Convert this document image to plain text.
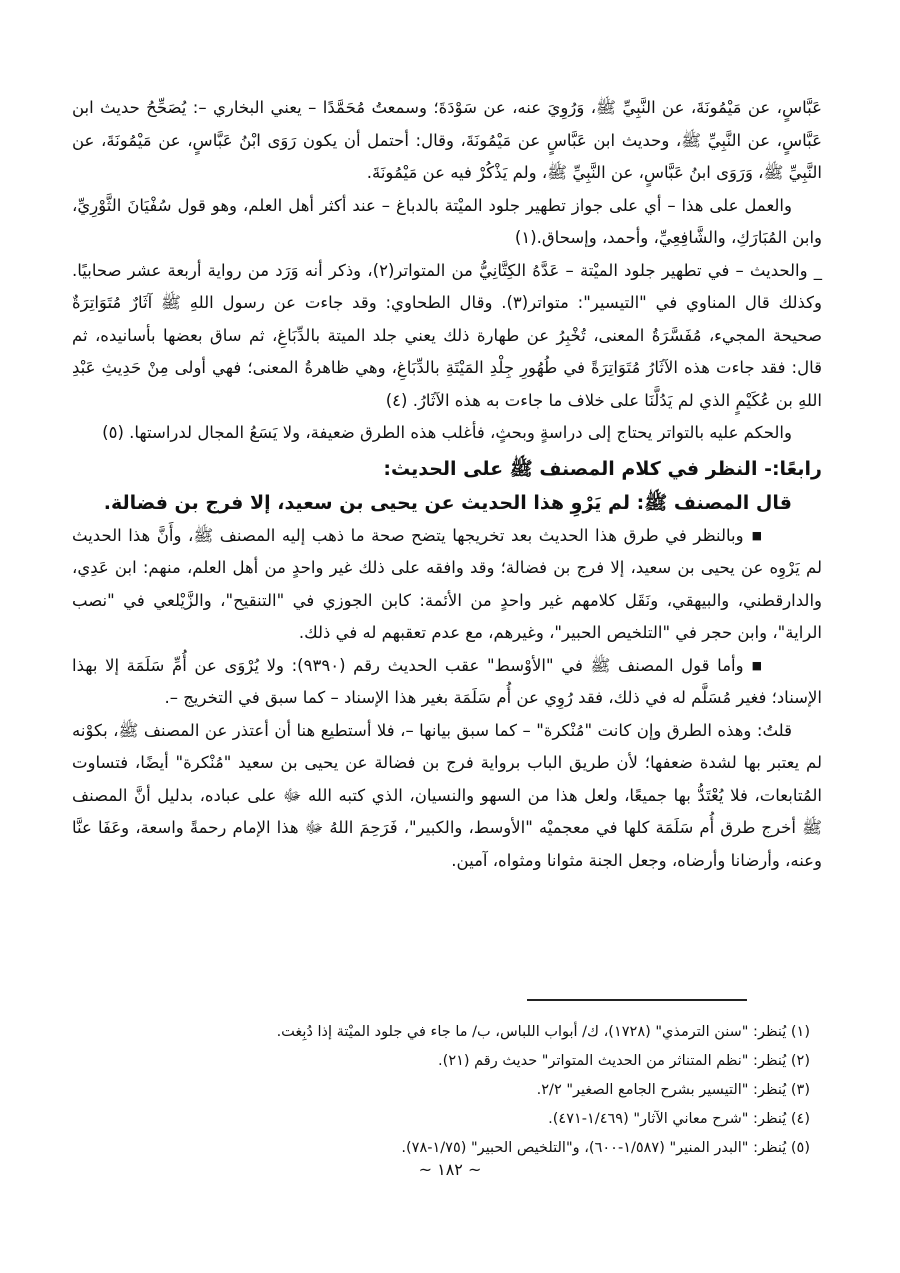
عَبَّاسٍ، عن مَيْمُونَةَ، عن النَّبِيِّ ﷺ، وَرُوِيَ عنه، عن سَوْدَةَ؛ وسمعتُ مُحَمَّدًا – يعني البخاري –: يُصَحِّحُ حديث ابن عَبَّاسٍ، عن النَّبِيِّ ﷺ، وحديث ابن عَبَّاسٍ عن مَيْمُونَةَ، وقال: أحتمل أن يكون رَوَى ابْنُ عَبَّاسٍ، عن مَيْمُونَةَ، عن النَّبِيِّ ﷺ، وَرَوَى ابنُ عَبَّاسٍ، عن النَّبِيِّ ﷺ، ولم يَذْكُرْ فيه عن مَيْمُونَةَ.

والعمل على هذا – أي على جواز تطهير جلود الميْتة بالدباغ – عند أكثر أهل العلم، وهو قول سُفْيَانَ الثَّوْرِيِّ، وابن المُبَارَكِ، والشَّافِعِيِّ، وأحمد، وإسحاق.(١)

_ والحديث – في تطهير جلود الميْتة – عَدَّهُ الكِتَّانِيُّ من المتواتر(٢)، وذكر أنه وَرَد من رواية أربعة عشر صحابيًا. وكذلك قال المناوي في "التيسير": متواتر(٣). وقال الطحاوي: وقد جاءت عن رسول اللهِ ﷺ آثَارٌ مُتَوَاتِرَةٌ صحيحة المجيء، مُفَسَّرَةُ المعنى، تُخْبِرُ عن طهارة ذلك يعني جلد الميتة بالدِّبَاغِ، ثم ساق بعضها بأسانيده، ثم قال: فقد جاءت هذه الآثَارُ مُتَوَاتِرَةً في طُهُورِ جِلْدِ المَيْتَةِ بالدِّبَاغِ، وهي ظاهرةُ المعنى؛ فهي أولى مِنْ حَدِيثِ عَبْدِ اللهِ بن عُكَيْمٍ الذي لم يَدُلَّنَا على خلاف ما جاءت به هذه الآثَارُ. (٤)

والحكم عليه بالتواتر يحتاج إلى دراسةٍ وبحثٍ، فأغلب هذه الطرق ضعيفة، ولا يَسَعُ المجال لدراستها. (٥)

رابعًا:- النظر في كلام المصنف ﷺ على الحديث:
قال المصنف ﷺ: لم يَرْوِ هذا الحديث عن يحيى بن سعيد، إلا فرج بن فضالة.

■وبالنظر في طرق هذا الحديث بعد تخريجها يتضح صحة ما ذهب إليه المصنف ﷺ، وأَنَّ هذا الحديث لم يَرْوِه عن يحيى بن سعيد، إلا فرج بن فضالة؛ وقد وافقه على ذلك غير واحدٍ من أهل العلم، منهم: ابن عَدِي، والدارقطني، والبيهقي، ونَقَل كلامهم غير واحدٍ من الأئمة: كابن الجوزي في "التنقيح"، والزَّيْلعي في "نصب الراية"، وابن حجر في "التلخيص الحبير"، وغيرهم، مع عدم تعقبهم له في ذلك.

■وأما قول المصنف ﷺ في "الأوْسط" عقب الحديث رقم (٩٣٩٠): ولا يُرْوَى عن أُمِّ سَلَمَة إلا بهذا الإسناد؛ فغير مُسَلَّم له في ذلك، فقد رُوِي عن أُم سَلَمَة بغير هذا الإسناد – كما سبق في التخريج –.

قلتُ: وهذه الطرق وإن كانت "مُنْكرة" – كما سبق بيانها –، فلا أستطيع هنا أن أعتذر عن المصنف ﷺ، بكوْنه لم يعتبر بها لشدة ضعفها؛ لأن طريق الباب برواية فرج بن فضالة عن يحيى بن سعيد "مُنْكرة" أيضًا، فتساوت المُتابعات، فلا يُعْتَدُّ بها جميعًا، ولعل هذا من السهو والنسيان، الذي كتبه الله ﷻ على عباده، بدليل أنَّ المصنف ﷺ أخرج طرق أُم سَلَمَة كلها في معجميْه "الأوسط، والكبير"، فَرَحِمَ اللهُ ﷻ هذا الإمام رحمةً واسعة، وعَفَا عنَّا وعنه، وأرضانا وأرضاه، وجعل الجنة مثوانا ومثواه، آمين.

(١) يُنظر: "سنن الترمذي" (١٧٢٨)، ك/ أبواب اللباس، ب/ ما جاء في جلود الميْتة إذا دُبِغت.
(٢) يُنظر: "نظم المتناثر من الحديث المتواتر" حديث رقم (٢١).
(٣) يُنظر: "التيسير بشرح الجامع الصغير" ٢/٢.
(٤) يُنظر: "شرح معاني الآثار" (١/٤٦٩-٤٧١).
(٥) يُنظر: "البدر المنير" (١/٥٨٧-٦٠٠)، و"التلخيص الحبير" (١/٧٥-٧٨).
~ ١٨٢ ~
